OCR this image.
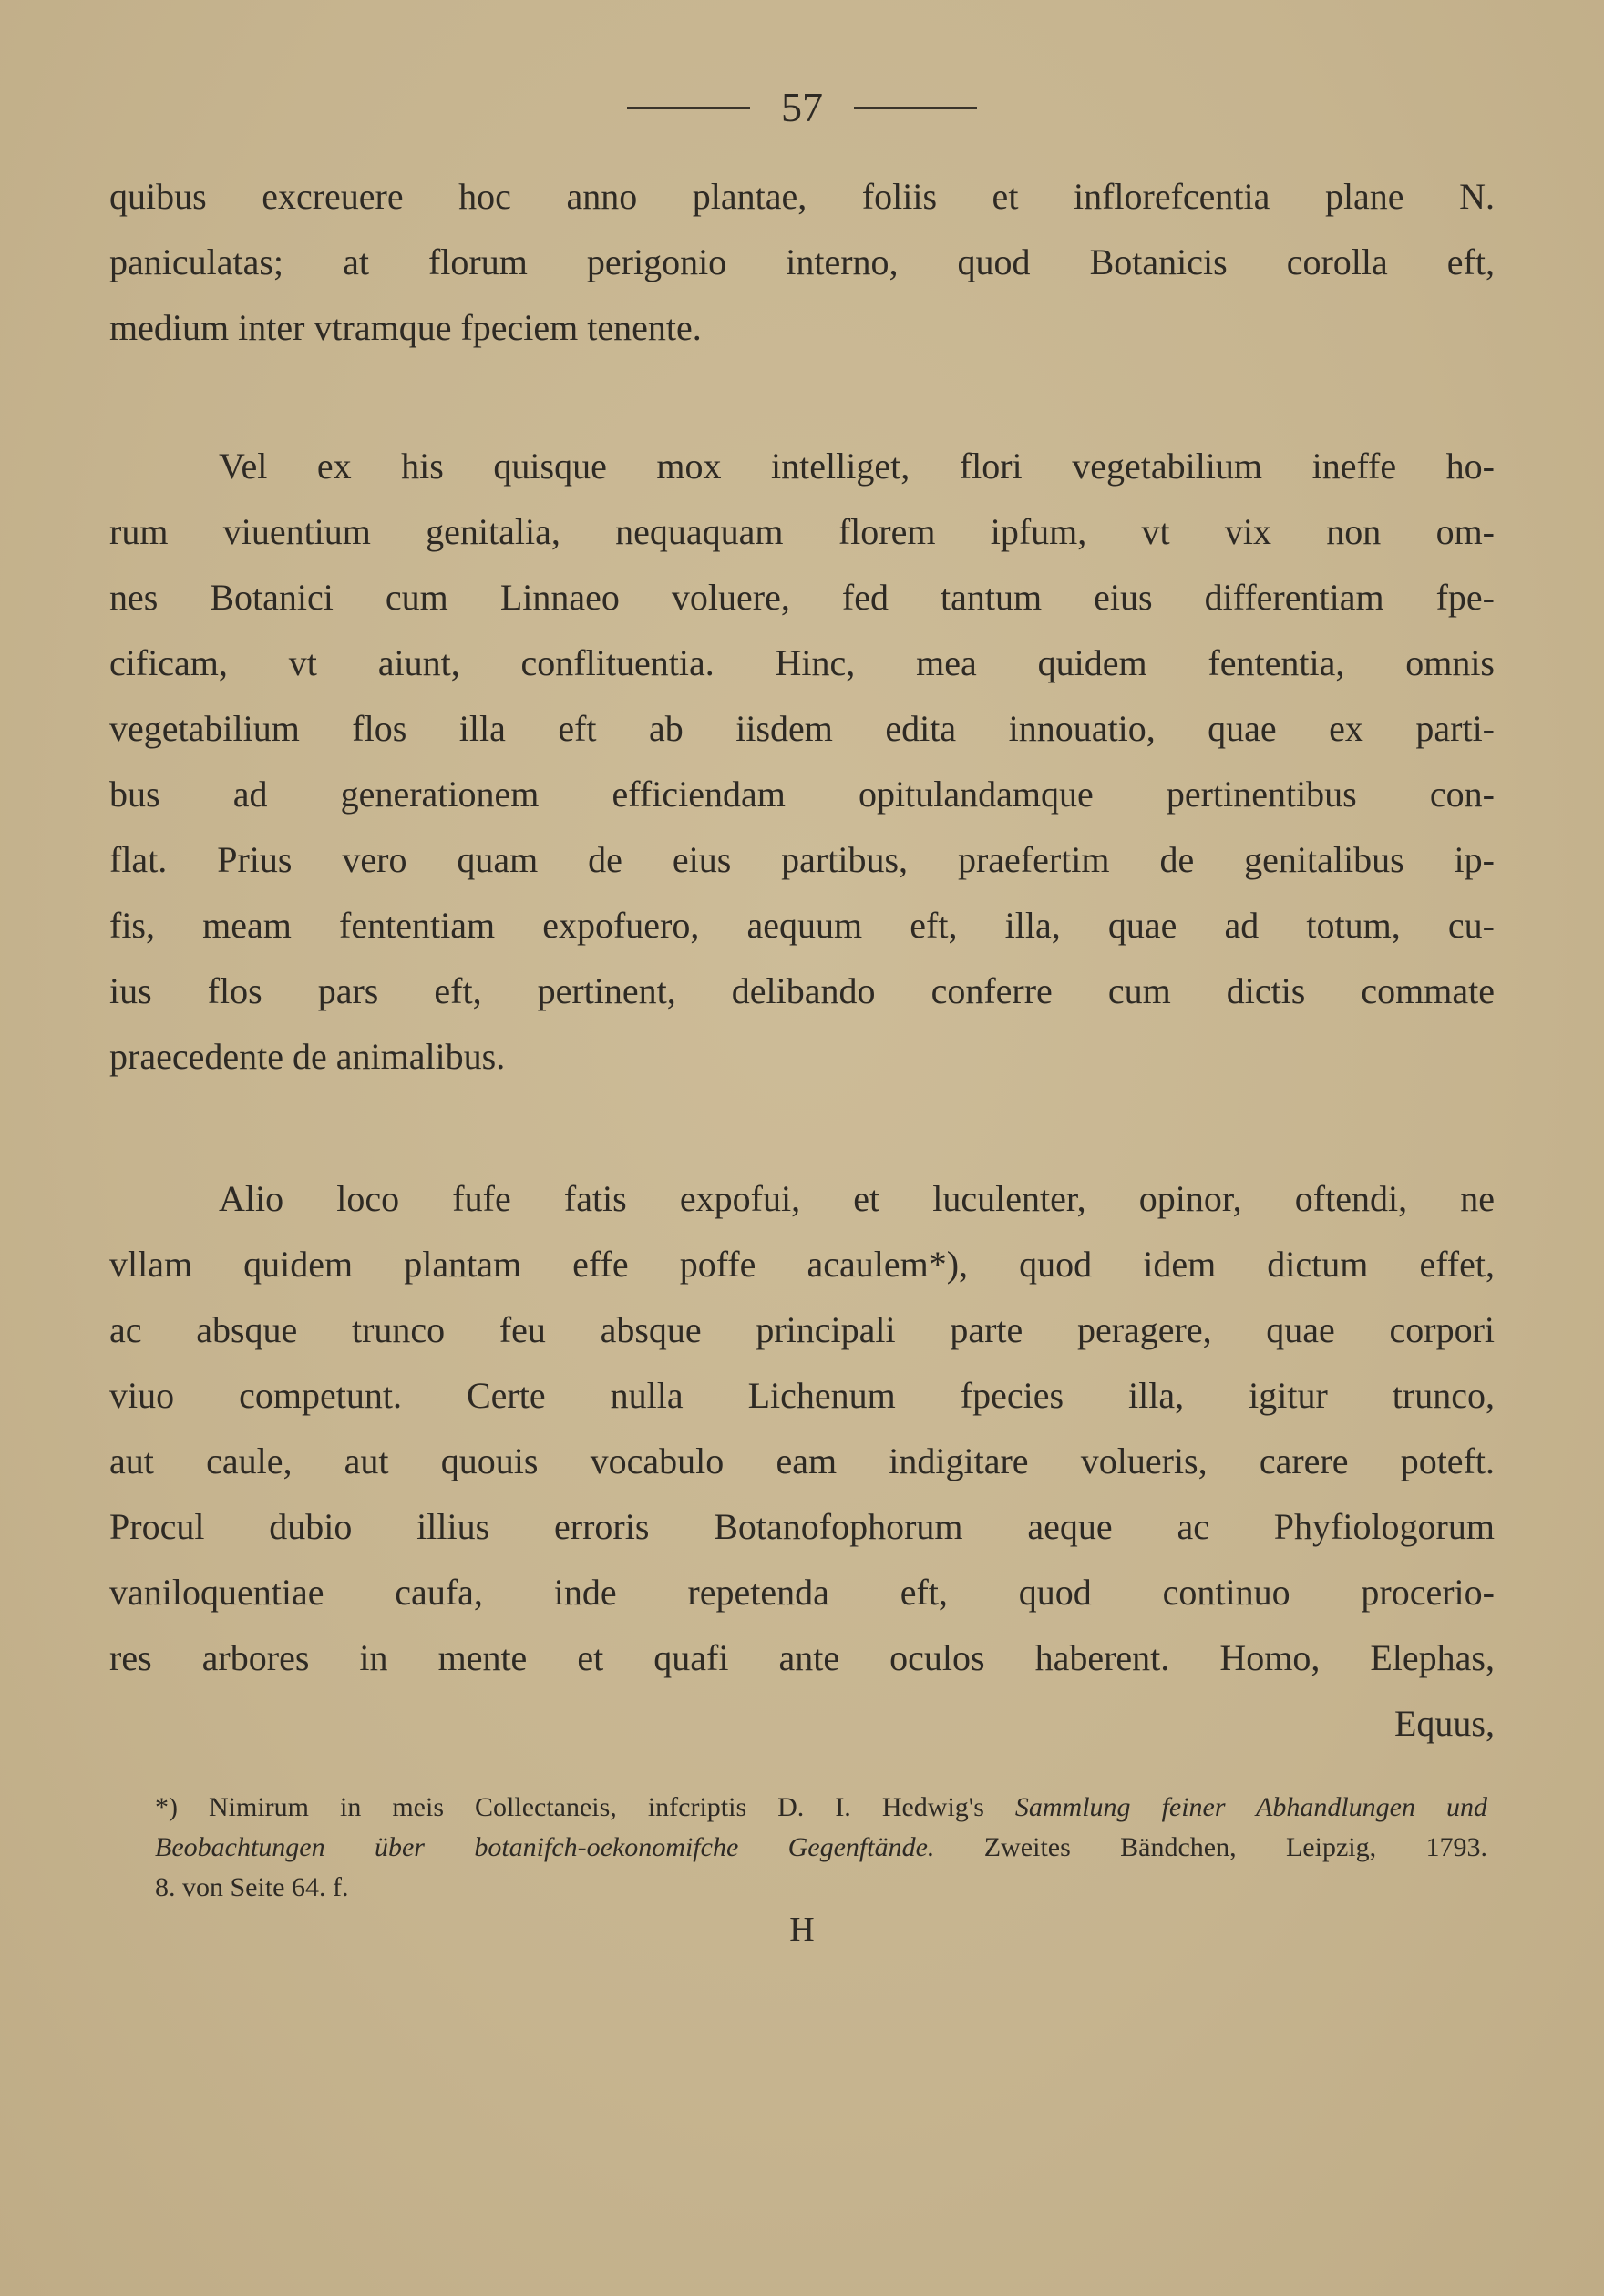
57
quibus excreuere hoc anno plantae, foliis et inflorefcentia plane N.
paniculatas; at florum perigonio interno, quod Botanicis corolla eft,
medium inter vtramque fpeciem tenente.
Vel ex his quisque mox intelliget, flori vegetabilium ineffe ho-
rum viuentium genitalia, nequaquam florem ipfum, vt vix non om-
nes Botanici cum Linnaeo voluere, fed tantum eius differentiam fpe-
cificam, vt aiunt, conflituentia. Hinc, mea quidem fententia, omnis
vegetabilium flos illa eft ab iisdem edita innouatio, quae ex parti-
bus ad generationem efficiendam opitulandamque pertinentibus con-
flat. Prius vero quam de eius partibus, praefertim de genitalibus ip-
fis, meam fententiam expofuero, aequum eft, illa, quae ad totum, cu-
ius flos pars eft, pertinent, delibando conferre cum dictis commate
praecedente de animalibus.
Alio loco fufe fatis expofui, et luculenter, opinor, oftendi, ne
vllam quidem plantam effe poffe acaulem*), quod idem dictum effet,
ac absque trunco feu absque principali parte peragere, quae corpori
viuo competunt. Certe nulla Lichenum fpecies illa, igitur trunco,
aut caule, aut quouis vocabulo eam indigitare volueris, carere poteft.
Procul dubio illius erroris Botanofophorum aeque ac Phyfiologorum
vaniloquentiae caufa, inde repetenda eft, quod continuo procerio-
res arbores in mente et quafi ante oculos haberent. Homo, Elephas,
Equus,
*) Nimirum in meis Collectaneis, infcriptis D. I. Hedwig's Sammlung feiner Abhandlungen und
Beobachtungen über botanifch-oekonomifche Gegenftände. Zweites Bändchen, Leipzig, 1793.
8. von Seite 64. f.
H
